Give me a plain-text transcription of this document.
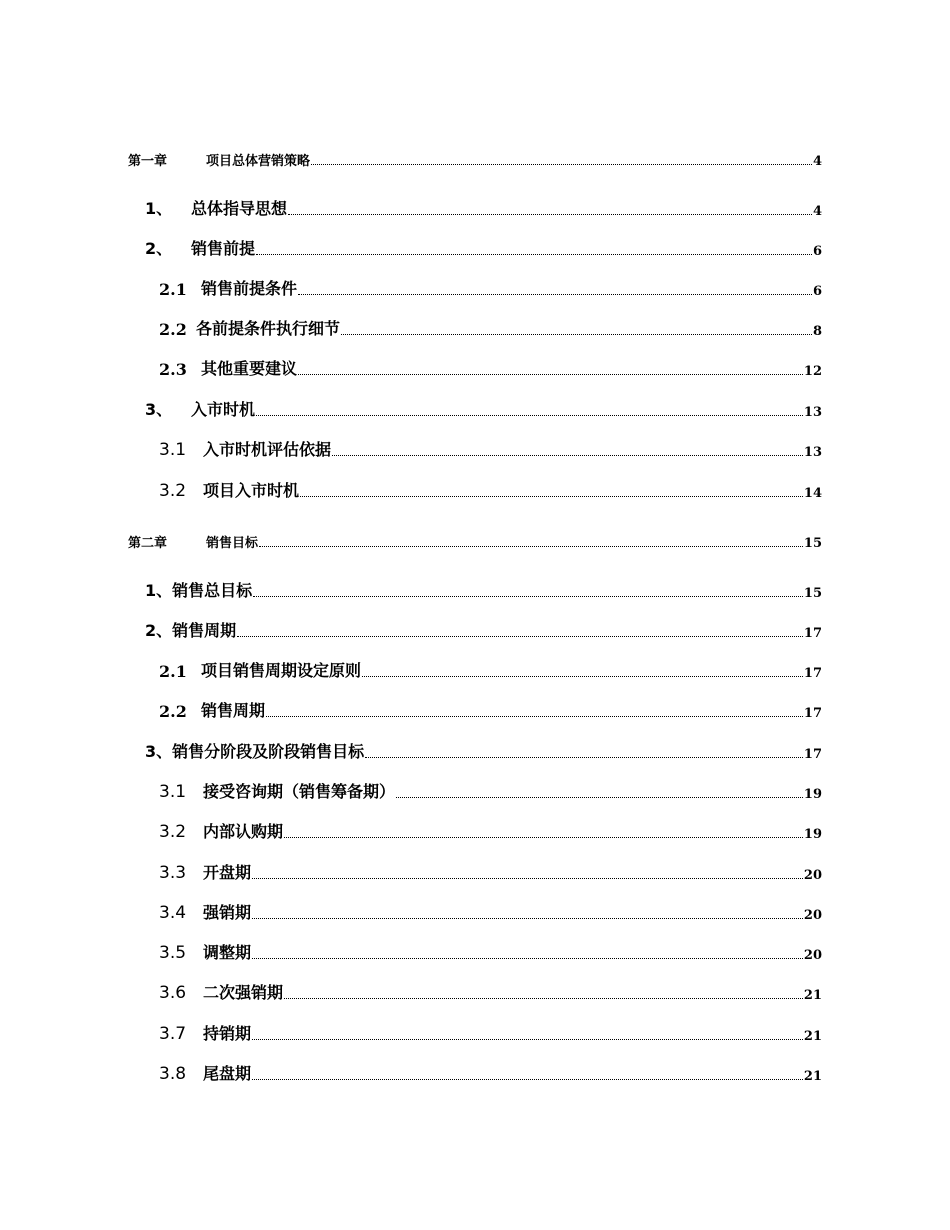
第一章	项目总体营销策略	4
1、	总体指导思想	4
2、	销售前提	6
2.1 销售前提条件	6
2.2 各前提条件执行细节	8
2.3 其他重要建议	12
3、	入市时机	13
3.1	入市时机评估依据	13
3.2	项目入市时机	14
第二章	销售目标	15
1、销售总目标	15
2、销售周期	17
2.1 项目销售周期设定原则	17
2.2 销售周期	17
3、销售分阶段及阶段销售目标	17
3.1	接受咨询期（销售筹备期）	19
3.2	内部认购期	19
3.3	开盘期	20
3.4	强销期	20
3.5	调整期	20
3.6	二次强销期	21
3.7	持销期	21
3.8	尾盘期	21
